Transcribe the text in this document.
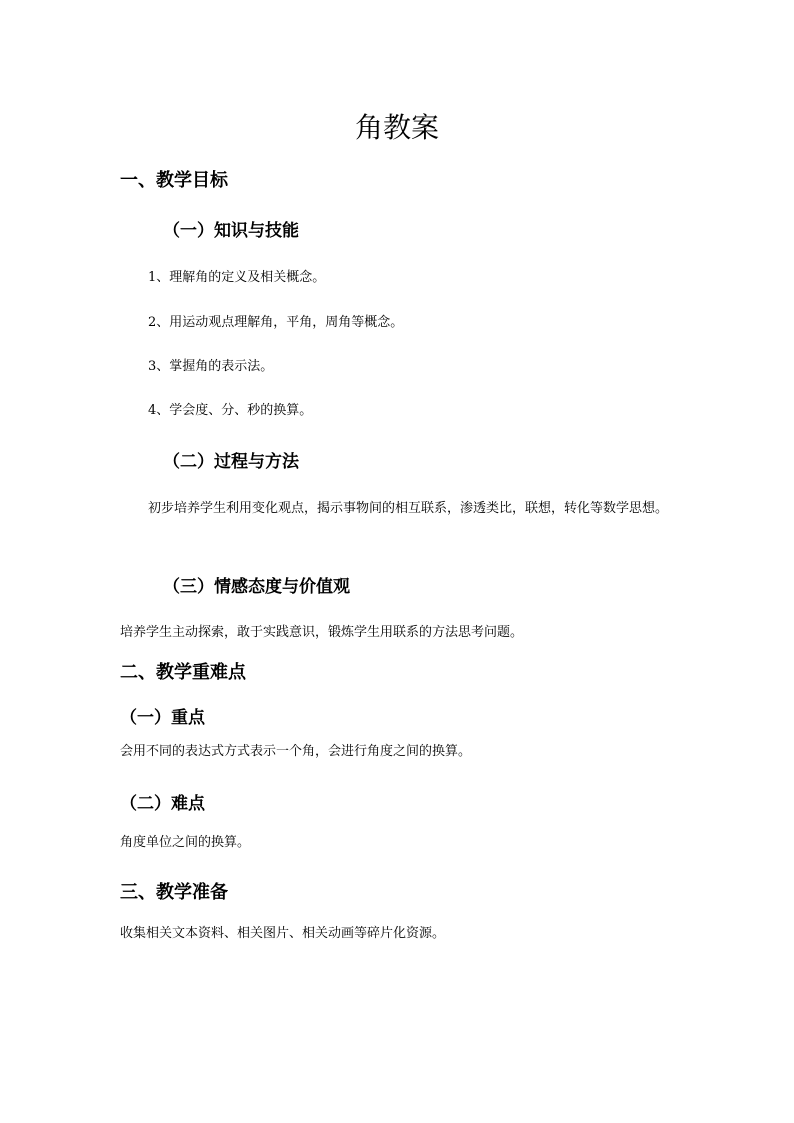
角教案
一、教学目标
（一）知识与技能

1、理解角的定义及相关概念。

2、用运动观点理解角，平角，周角等概念。

3、掌握角的表示法。

4、学会度、分、秒的换算。

（二）过程与方法

初步培养学生利用变化观点，揭示事物间的相互联系，渗透类比，联想，转化等数学思想。

（三）情感态度与价值观

培养学生主动探索，敢于实践意识，锻炼学生用联系的方法思考问题。

二、教学重难点
（一）重点

会用不同的表达式方式表示一个角，会进行角度之间的换算。

（二）难点

角度单位之间的换算。

三、教学准备

收集相关文本资料、相关图片、相关动画等碎片化资源。
